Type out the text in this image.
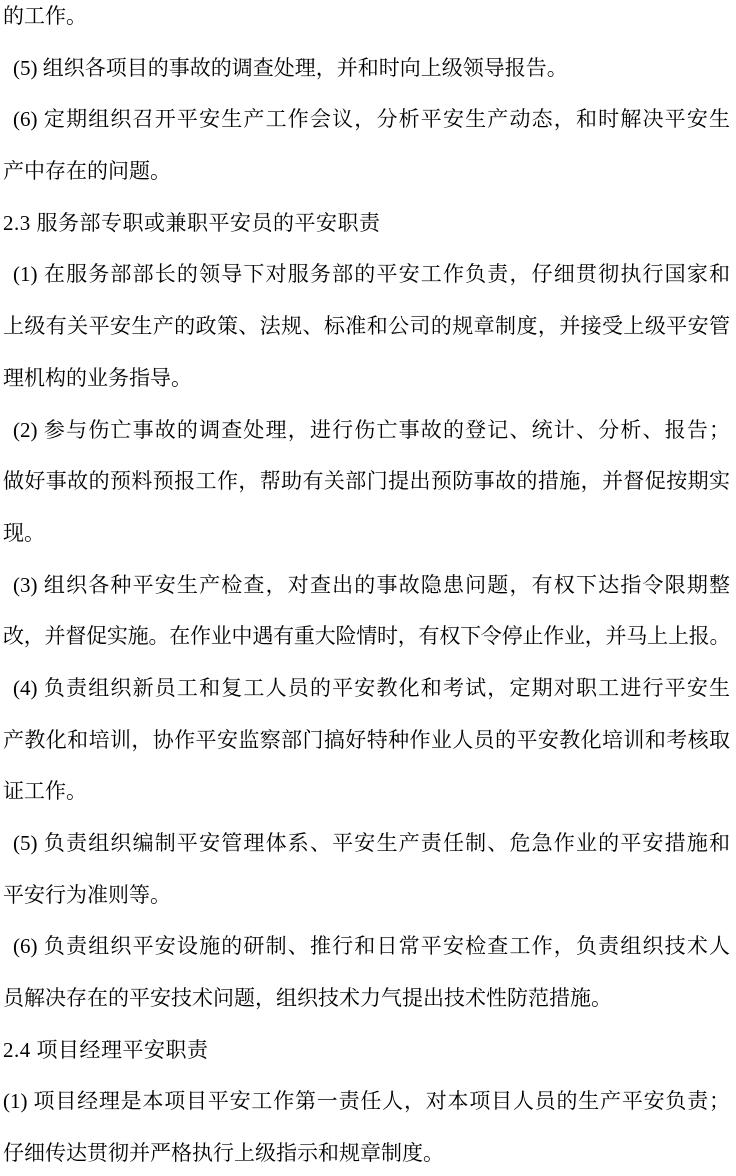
的工作。
(5) 组织各项目的事故的调查处理，并和时向上级领导报告。
(6) 定期组织召开平安生产工作会议，分析平安生产动态，和时解决平安生
产中存在的问题。
2.3 服务部专职或兼职平安员的平安职责
(1) 在服务部部长的领导下对服务部的平安工作负责，仔细贯彻执行国家和
上级有关平安生产的政策、法规、标准和公司的规章制度，并接受上级平安管
理机构的业务指导。
(2) 参与伤亡事故的调查处理，进行伤亡事故的登记、统计、分析、报告；
做好事故的预料预报工作，帮助有关部门提出预防事故的措施，并督促按期实
现。
(3) 组织各种平安生产检查，对查出的事故隐患问题，有权下达指令限期整
改，并督促实施。在作业中遇有重大险情时，有权下令停止作业，并马上上报。
(4) 负责组织新员工和复工人员的平安教化和考试，定期对职工进行平安生
产教化和培训，协作平安监察部门搞好特种作业人员的平安教化培训和考核取
证工作。
(5) 负责组织编制平安管理体系、平安生产责任制、危急作业的平安措施和
平安行为准则等。
(6) 负责组织平安设施的研制、推行和日常平安检查工作，负责组织技术人
员解决存在的平安技术问题，组织技术力气提出技术性防范措施。
2.4 项目经理平安职责
(1) 项目经理是本项目平安工作第一责任人，对本项目人员的生产平安负责；
仔细传达贯彻并严格执行上级指示和规章制度。
